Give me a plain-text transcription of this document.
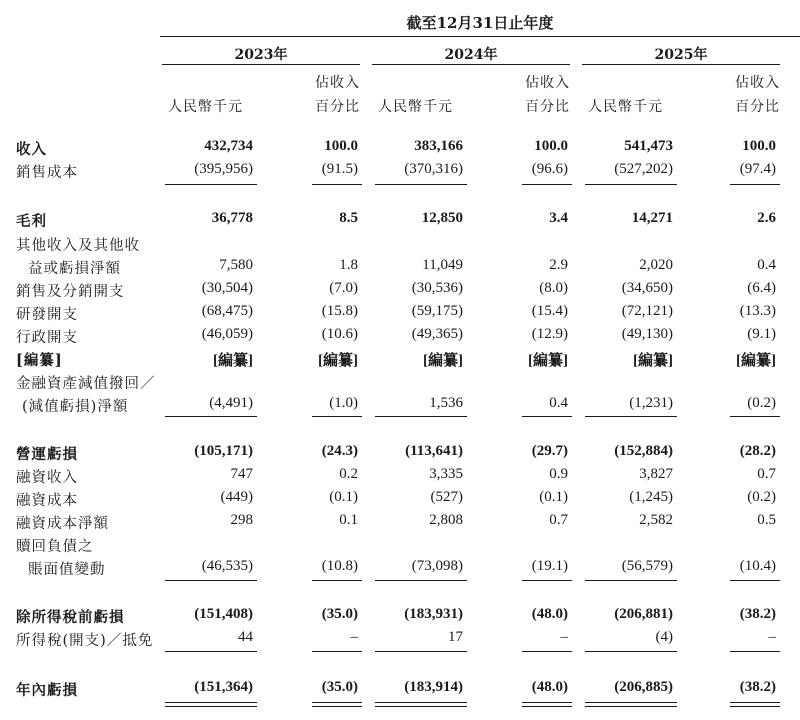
截至12月31日止年度
2023年	2024年	2025年
人民幣千元
佔收入
百分比 人民幣千元
佔收入
百分比 人民幣千元
佔收入
百分比
收入	432,734	100.0	383,166	100.0	541,473	100.0
銷售成本	(395,956)	(91.5)	(370,316)	(96.6)	(527,202)	(97.4)
毛利	36,778	8.5	12,850	3.4	14,271	2.6
其他收入及其他收
益或虧損淨額	7,580	1.8	11,049	2.9	2,020	0.4
銷售及分銷開支	(30,504)	(7.0)	(30,536)	(8.0)	(34,650)	(6.4)
研發開支	(68,475)	(15.8)	(59,175)	(15.4)	(72,121)	(13.3)
行政開支	(46,059)	(10.6)	(49,365)	(12.9)	(49,130)	(9.1)
[編纂]	[編纂]	[編纂]	[編纂]	[編纂]	[編纂]	[編纂]
金融資產減值撥回／
(減值虧損)淨額	(4,491)	(1.0)	1,536	0.4	(1,231)	(0.2)
營運虧損	(105,171)	(24.3)	(113,641)	(29.7)	(152,884)	(28.2)
融資收入	747	0.2	3,335	0.9	3,827	0.7
融資成本	(449)	(0.1)	(527)	(0.1)	(1,245)	(0.2)
融資成本淨額	298	0.1	2,808	0.7	2,582	0.5
贖回負債之
賬面值變動	(46,535)	(10.8)	(73,098)	(19.1)	(56,579)	(10.4)
除所得稅前虧損	(151,408)	(35.0)	(183,931)	(48.0)	(206,881)	(38.2)
所得稅(開支)／抵免	44	–	17	–	(4)	–
年內虧損	(151,364)	(35.0)	(183,914)	(48.0)	(206,885)	(38.2)
